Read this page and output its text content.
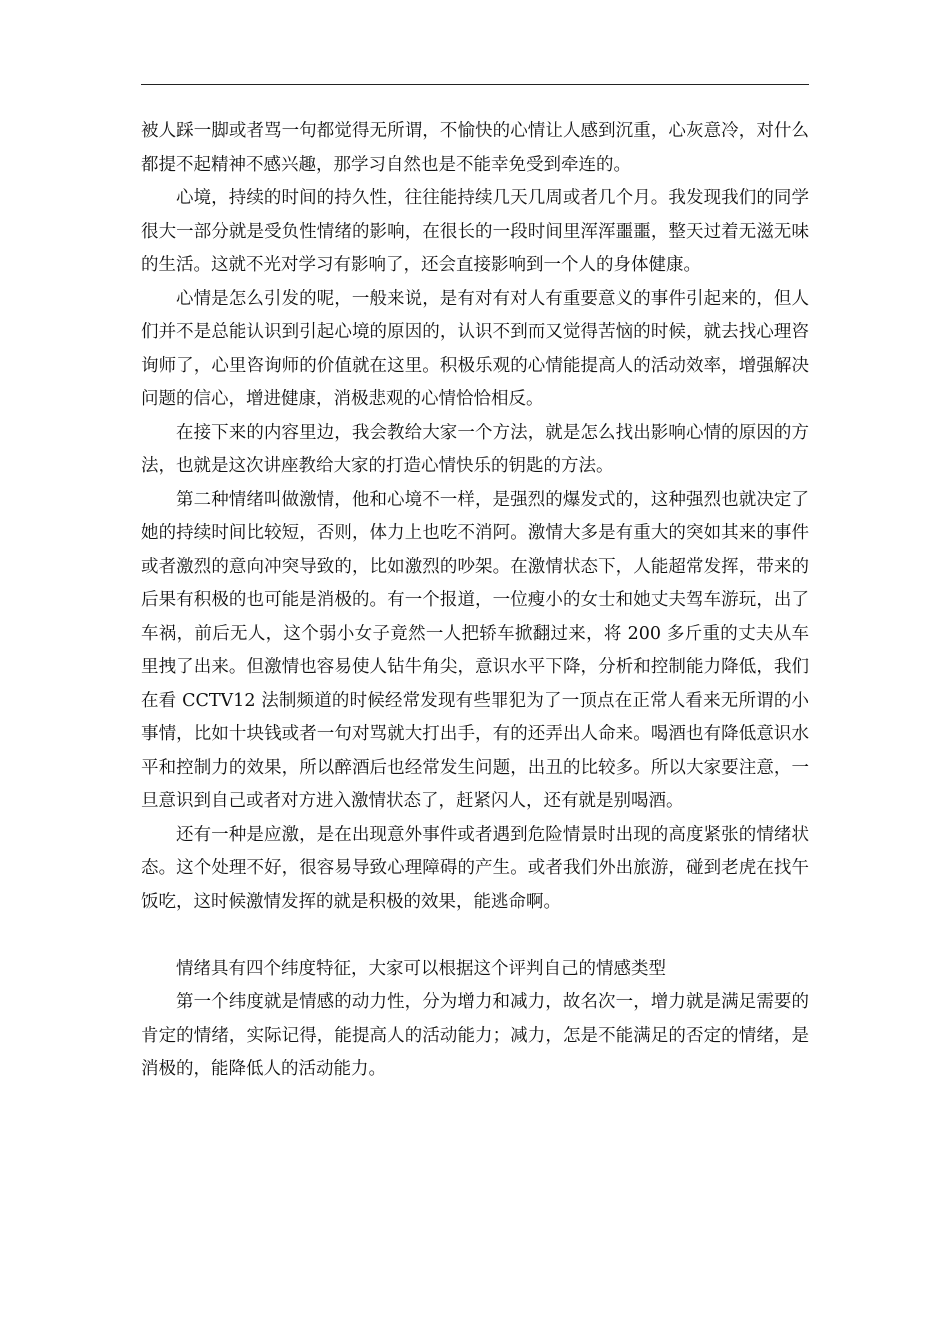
被人踩一脚或者骂一句都觉得无所谓，不愉快的心情让人感到沉重，心灰意冷，对什么都提不起精神不感兴趣，那学习自然也是不能幸免受到牵连的。

心境，持续的时间的持久性，往往能持续几天几周或者几个月。我发现我们的同学很大一部分就是受负性情绪的影响，在很长的一段时间里浑浑噩噩，整天过着无滋无味的生活。这就不光对学习有影响了，还会直接影响到一个人的身体健康。

心情是怎么引发的呢，一般来说，是有对有对人有重要意义的事件引起来的，但人们并不是总能认识到引起心境的原因的，认识不到而又觉得苦恼的时候，就去找心理咨询师了，心里咨询师的价值就在这里。积极乐观的心情能提高人的活动效率，增强解决问题的信心，增进健康，消极悲观的心情恰恰相反。

在接下来的内容里边，我会教给大家一个方法，就是怎么找出影响心情的原因的方法，也就是这次讲座教给大家的打造心情快乐的钥匙的方法。

第二种情绪叫做激情，他和心境不一样，是强烈的爆发式的，这种强烈也就决定了她的持续时间比较短，否则，体力上也吃不消阿。激情大多是有重大的突如其来的事件或者激烈的意向冲突导致的，比如激烈的吵架。在激情状态下，人能超常发挥，带来的后果有积极的也可能是消极的。有一个报道，一位瘦小的女士和她丈夫驾车游玩，出了车祸，前后无人，这个弱小女子竟然一人把轿车掀翻过来，将 200 多斤重的丈夫从车里拽了出来。但激情也容易使人钻牛角尖，意识水平下降，分析和控制能力降低，我们在看 CCTV12 法制频道的时候经常发现有些罪犯为了一顶点在正常人看来无所谓的小事情，比如十块钱或者一句对骂就大打出手，有的还弄出人命来。喝酒也有降低意识水平和控制力的效果，所以醉酒后也经常发生问题，出丑的比较多。所以大家要注意，一旦意识到自己或者对方进入激情状态了，赶紧闪人，还有就是别喝酒。

还有一种是应激，是在出现意外事件或者遇到危险情景时出现的高度紧张的情绪状态。这个处理不好，很容易导致心理障碍的产生。或者我们外出旅游，碰到老虎在找午饭吃，这时候激情发挥的就是积极的效果，能逃命啊。

情绪具有四个纬度特征，大家可以根据这个评判自己的情感类型

第一个纬度就是情感的动力性，分为增力和减力，故名次一，增力就是满足需要的肯定的情绪，实际记得，能提高人的活动能力；减力，怎是不能满足的否定的情绪，是消极的，能降低人的活动能力。
